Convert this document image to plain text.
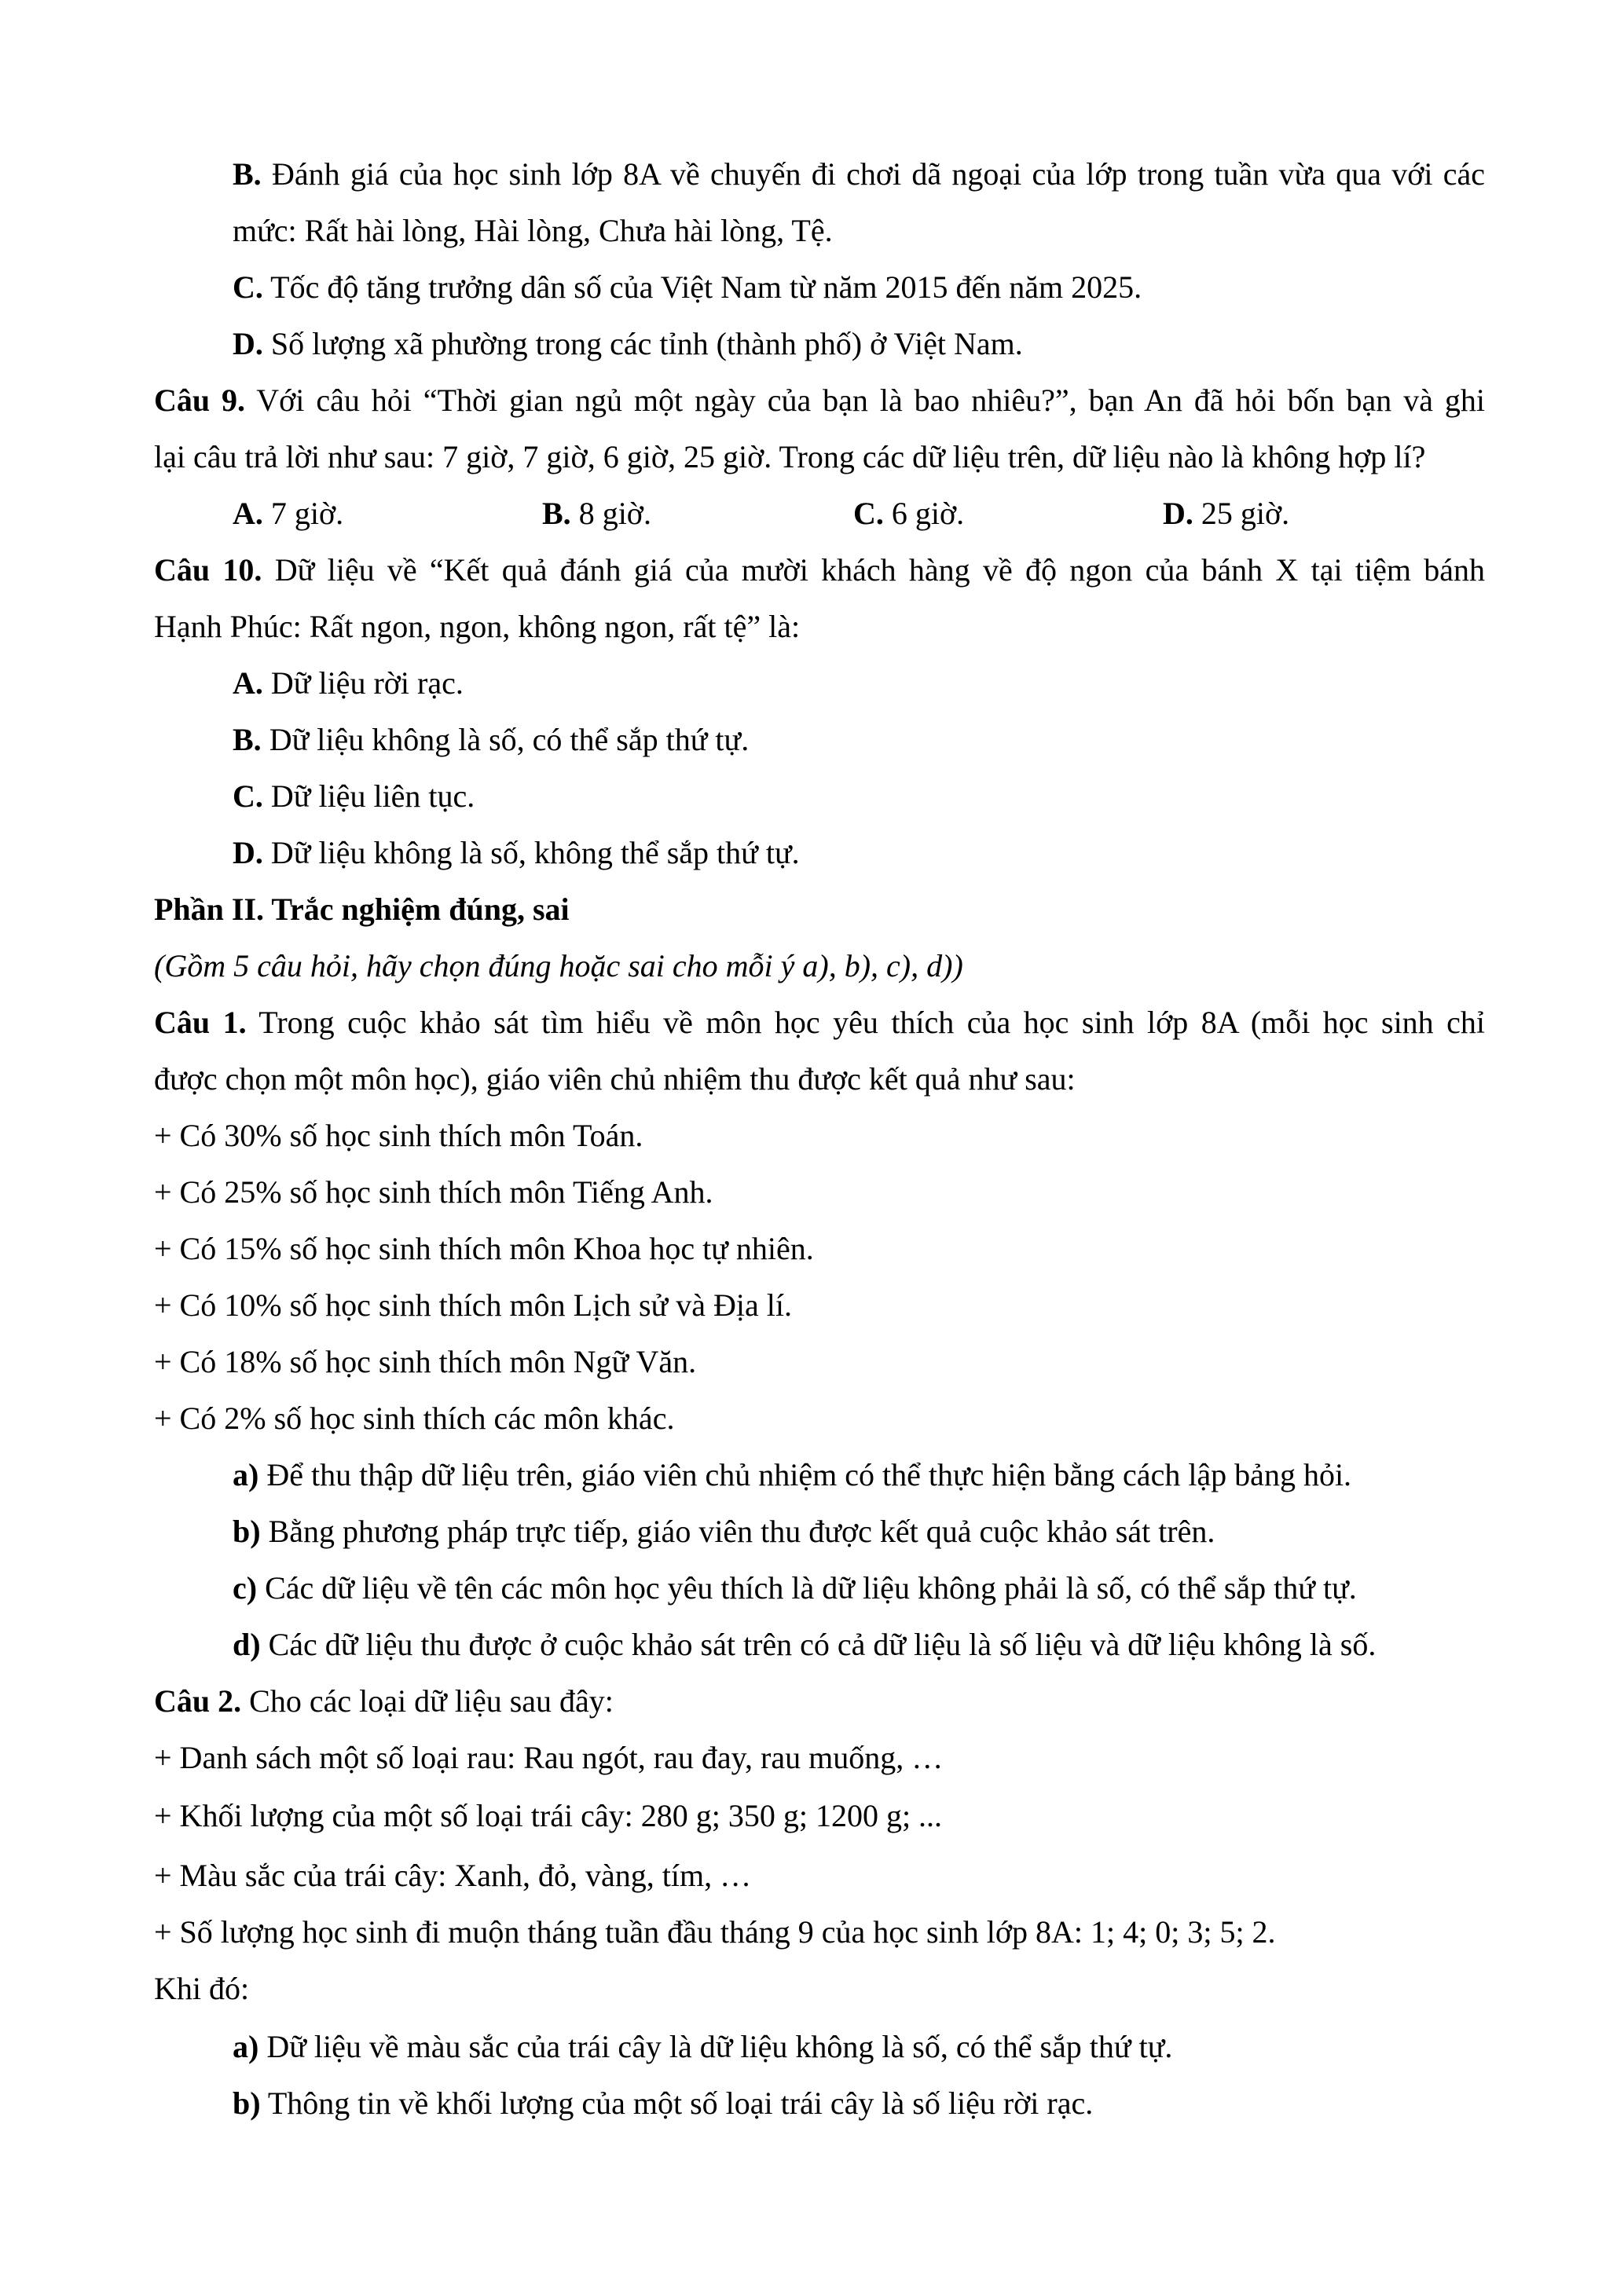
B. Đánh giá của học sinh lớp 8A về chuyến đi chơi dã ngoại của lớp trong tuần vừa qua với các
mức: Rất hài lòng, Hài lòng, Chưa hài lòng, Tệ.
C. Tốc độ tăng trưởng dân số của Việt Nam từ năm 2015 đến năm 2025.
D. Số lượng xã phường trong các tỉnh (thành phố) ở Việt Nam.
Câu 9. Với câu hỏi “Thời gian ngủ một ngày của bạn là bao nhiêu?”, bạn An đã hỏi bốn bạn và ghi
lại câu trả lời như sau: 7 giờ, 7 giờ, 6 giờ, 25 giờ. Trong các dữ liệu trên, dữ liệu nào là không hợp lí?
A. 7 giờ.	B. 8 giờ.	C. 6 giờ.	D. 25 giờ.
Câu 10. Dữ liệu về “Kết quả đánh giá của mười khách hàng về độ ngon của bánh X tại tiệm bánh
Hạnh Phúc: Rất ngon, ngon, không ngon, rất tệ” là:
A. Dữ liệu rời rạc.
B. Dữ liệu không là số, có thể sắp thứ tự.
C. Dữ liệu liên tục.
D. Dữ liệu không là số, không thể sắp thứ tự.
Phần II. Trắc nghiệm đúng, sai
(Gồm 5 câu hỏi, hãy chọn đúng hoặc sai cho mỗi ý a), b), c), d))
Câu 1. Trong cuộc khảo sát tìm hiểu về môn học yêu thích của học sinh lớp 8A (mỗi học sinh chỉ
được chọn một môn học), giáo viên chủ nhiệm thu được kết quả như sau:
+ Có 30% số học sinh thích môn Toán.
+ Có 25% số học sinh thích môn Tiếng Anh.
+ Có 15% số học sinh thích môn Khoa học tự nhiên.
+ Có 10% số học sinh thích môn Lịch sử và Địa lí.
+ Có 18% số học sinh thích môn Ngữ Văn.
+ Có 2% số học sinh thích các môn khác.
a) Để thu thập dữ liệu trên, giáo viên chủ nhiệm có thể thực hiện bằng cách lập bảng hỏi.
b) Bằng phương pháp trực tiếp, giáo viên thu được kết quả cuộc khảo sát trên.
c) Các dữ liệu về tên các môn học yêu thích là dữ liệu không phải là số, có thể sắp thứ tự.
d) Các dữ liệu thu được ở cuộc khảo sát trên có cả dữ liệu là số liệu và dữ liệu không là số.
Câu 2. Cho các loại dữ liệu sau đây:
+ Danh sách một số loại rau: Rau ngót, rau đay, rau muống, …
+ Khối lượng của một số loại trái cây: 280 g; 350 g; 1200 g; ...
+ Màu sắc của trái cây: Xanh, đỏ, vàng, tím, …
+ Số lượng học sinh đi muộn tháng tuần đầu tháng 9 của học sinh lớp 8A: 1; 4; 0; 3; 5; 2.
Khi đó:
a) Dữ liệu về màu sắc của trái cây là dữ liệu không là số, có thể sắp thứ tự.
b) Thông tin về khối lượng của một số loại trái cây là số liệu rời rạc.
